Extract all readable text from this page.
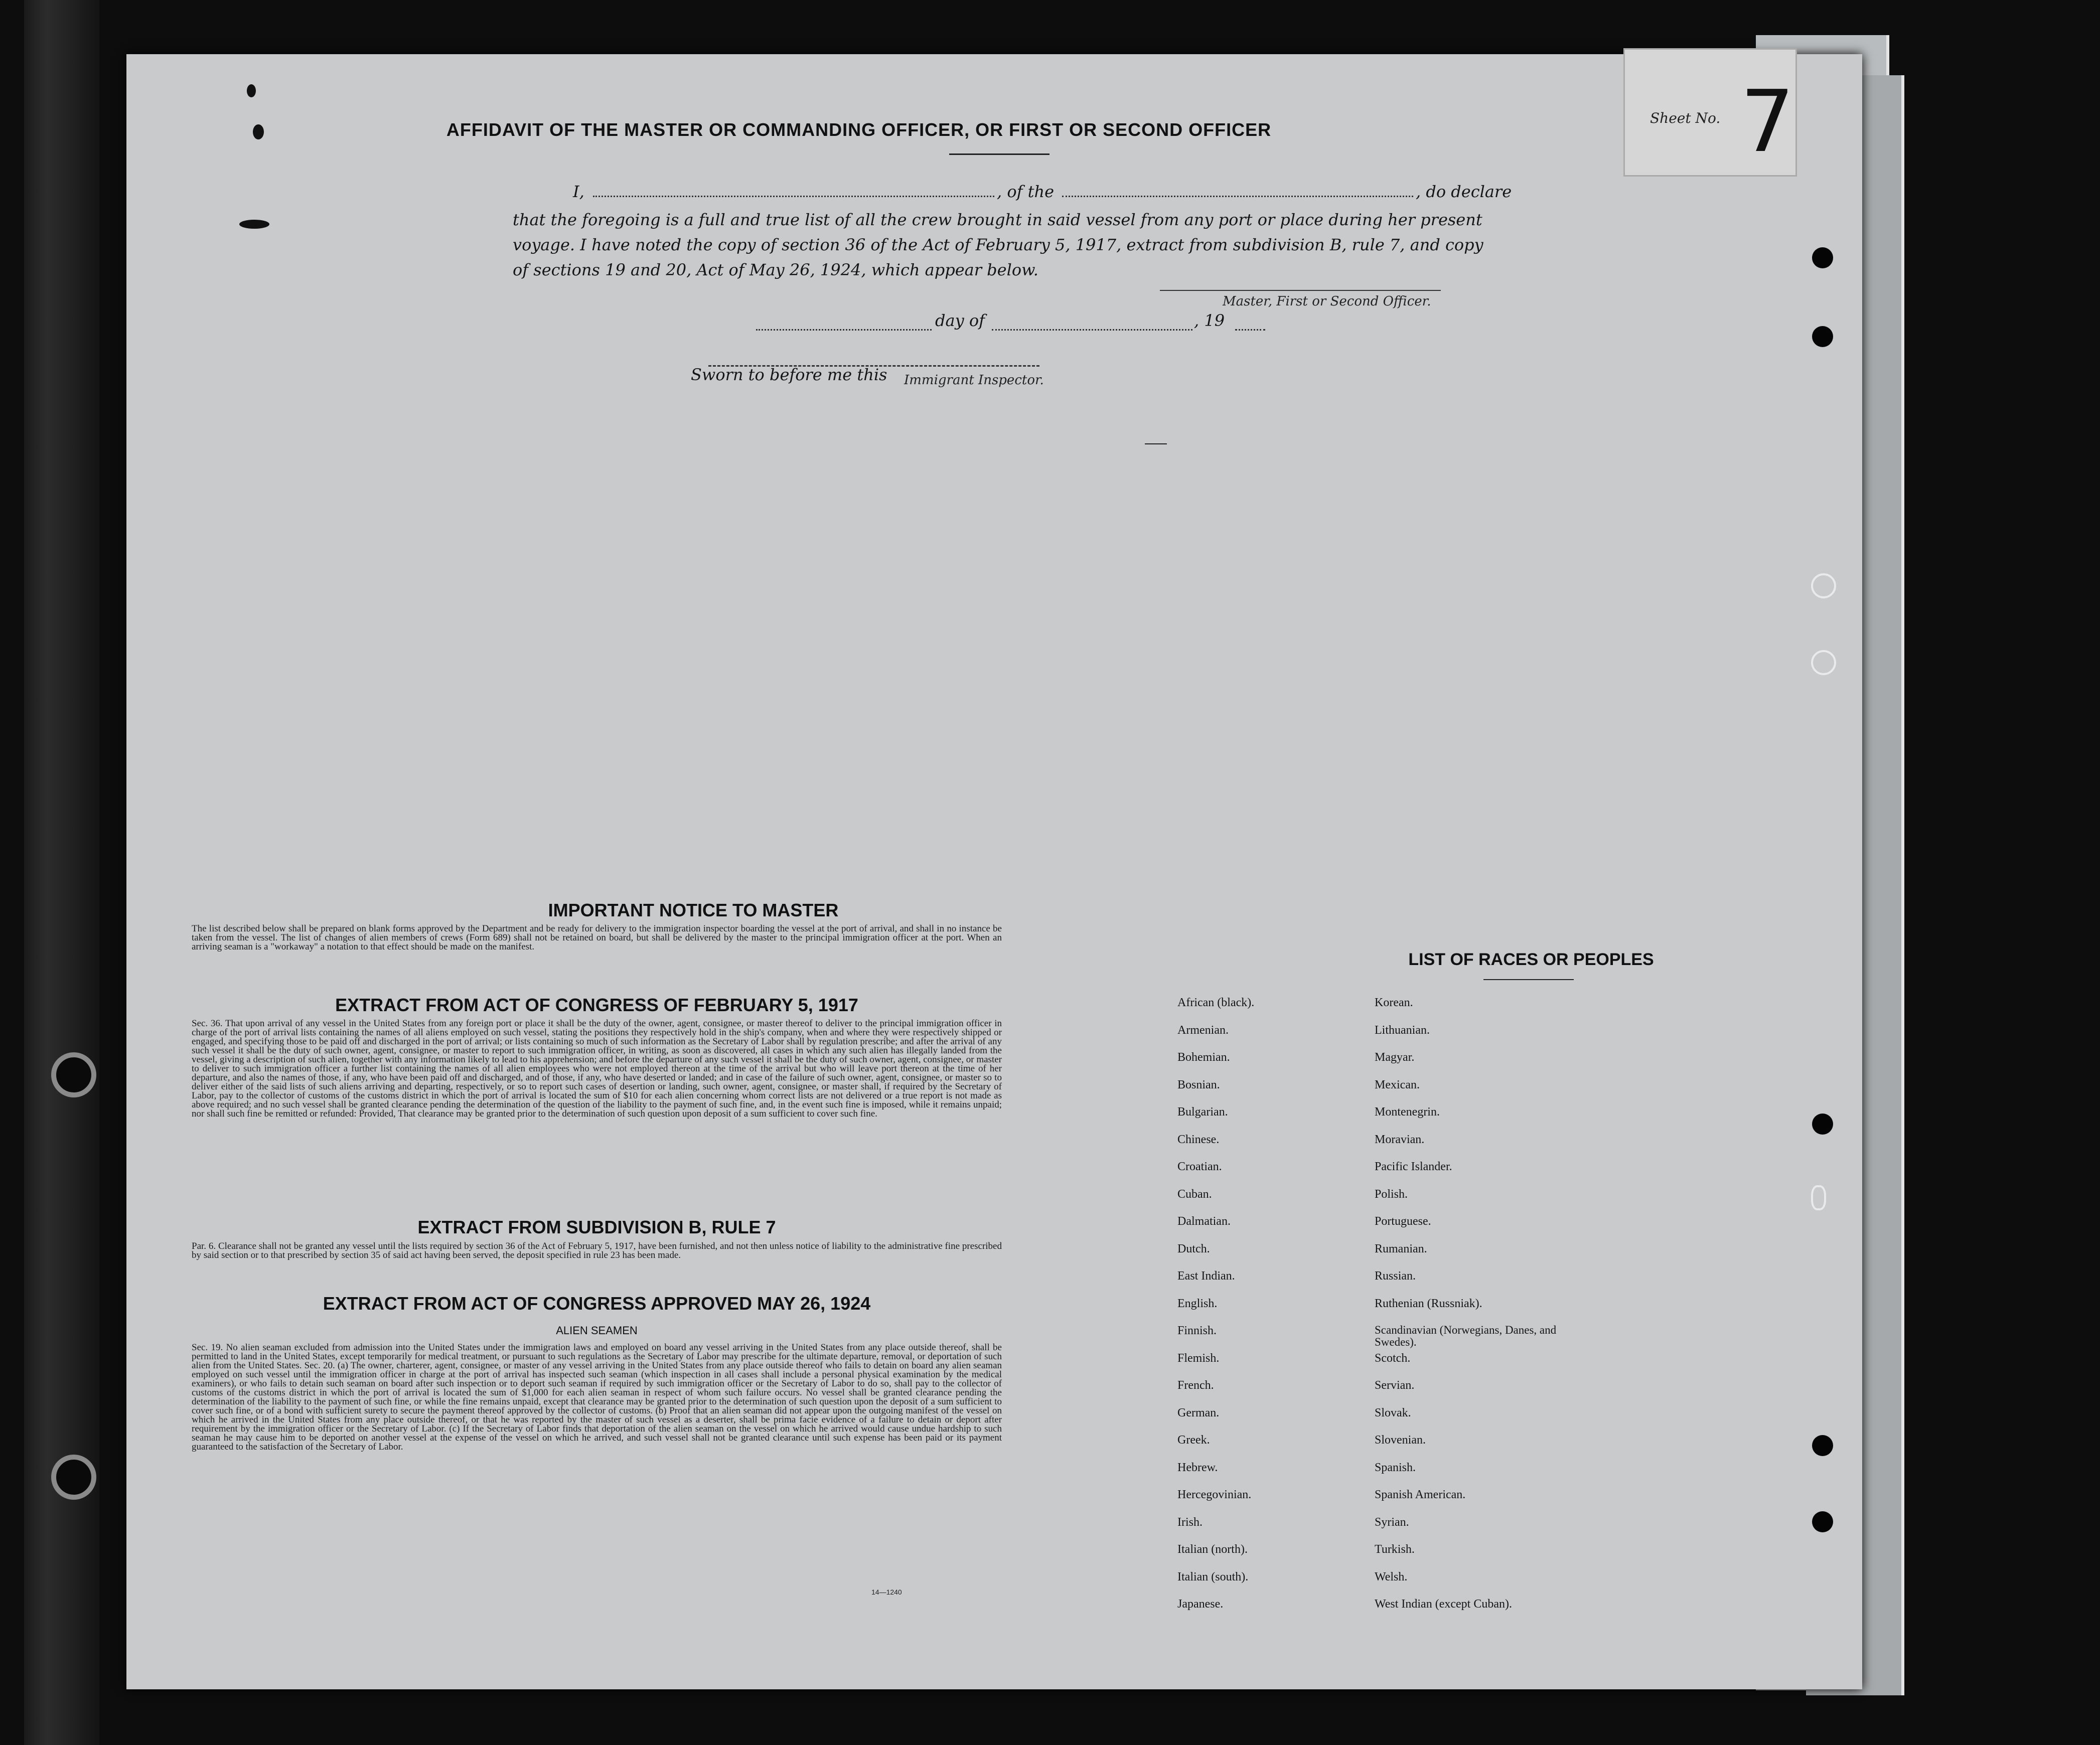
Sheet No. 7
AFFIDAVIT OF THE MASTER OR COMMANDING OFFICER, OR FIRST OR SECOND OFFICER
I,	, of the	, do declare
that the foregoing is a full and true list of all the crew brought in said vessel from any port or place during her present
voyage. I have noted the copy of section 36 of the Act of February 5, 1917, extract from subdivision B, rule 7, and copy
of sections 19 and 20, Act of May 26, 1924, which appear below.
Master, First or Second Officer.
Sworn to before me this
day of	, 19
Immigrant Inspector.
IMPORTANT NOTICE TO MASTER
The list described below shall be prepared on blank forms approved by the Department and be ready for delivery to the immigration inspector boarding the vessel at the port of arrival, and shall in no instance be taken from the vessel. The list of changes of alien members of crews (Form 689) shall not be retained on board, but shall be delivered by the master to the principal immigration officer at the port. When an arriving seaman is a "workaway" a notation to that effect should be made on the manifest.
EXTRACT FROM ACT OF CONGRESS OF FEBRUARY 5, 1917
Sec. 36. That upon arrival of any vessel in the United States from any foreign port or place it shall be the duty of the owner, agent, consignee, or master thereof to deliver to the principal immigration officer in charge of the port of arrival lists containing the names of all aliens employed on such vessel, stating the positions they respectively hold in the ship's company, when and where they were respectively shipped or engaged, and specifying those to be paid off and discharged in the port of arrival; or lists containing so much of such information as the Secretary of Labor shall by regulation prescribe; and after the arrival of any such vessel it shall be the duty of such owner, agent, consignee, or master to report to such immigration officer, in writing, as soon as discovered, all cases in which any such alien has illegally landed from the vessel, giving a description of such alien, together with any information likely to lead to his apprehension; and before the departure of any such vessel it shall be the duty of such owner, agent, consignee, or master to deliver to such immigration officer a further list containing the names of all alien employees who were not employed thereon at the time of the arrival but who will leave port thereon at the time of her departure, and also the names of those, if any, who have been paid off and discharged, and of those, if any, who have deserted or landed; and in case of the failure of such owner, agent, consignee, or master so to deliver either of the said lists of such aliens arriving and departing, respectively, or so to report such cases of desertion or landing, such owner, agent, consignee, or master shall, if required by the Secretary of Labor, pay to the collector of customs of the customs district in which the port of arrival is located the sum of $10 for each alien concerning whom correct lists are not delivered or a true report is not made as above required; and no such vessel shall be granted clearance pending the determination of the question of the liability to the payment of such fine, and, in the event such fine is imposed, while it remains unpaid; nor shall such fine be remitted or refunded: Provided, That clearance may be granted prior to the determination of such question upon deposit of a sum sufficient to cover such fine.
EXTRACT FROM SUBDIVISION B, RULE 7
Par. 6. Clearance shall not be granted any vessel until the lists required by section 36 of the Act of February 5, 1917, have been furnished, and not then unless notice of liability to the administrative fine prescribed by said section or to that prescribed by section 35 of said act having been served, the deposit specified in rule 23 has been made.
EXTRACT FROM ACT OF CONGRESS APPROVED MAY 26, 1924
ALIEN SEAMEN
Sec. 19. No alien seaman excluded from admission into the United States under the immigration laws and employed on board any vessel arriving in the United States from any place outside thereof, shall be permitted to land in the United States, except temporarily for medical treatment, or pursuant to such regulations as the Secretary of Labor may prescribe for the ultimate departure, removal, or deportation of such alien from the United States. Sec. 20. (a) The owner, charterer, agent, consignee, or master of any vessel arriving in the United States from any place outside thereof who fails to detain on board any alien seaman employed on such vessel until the immigration officer in charge at the port of arrival has inspected such seaman (which inspection in all cases shall include a personal physical examination by the medical examiners), or who fails to detain such seaman on board after such inspection or to deport such seaman if required by such immigration officer or the Secretary of Labor to do so, shall pay to the collector of customs of the customs district in which the port of arrival is located the sum of $1,000 for each alien seaman in respect of whom such failure occurs. No vessel shall be granted clearance pending the determination of the liability to the payment of such fine, or while the fine remains unpaid, except that clearance may be granted prior to the determination of such question upon the deposit of a sum sufficient to cover such fine, or of a bond with sufficient surety to secure the payment thereof approved by the collector of customs. (b) Proof that an alien seaman did not appear upon the outgoing manifest of the vessel on which he arrived in the United States from any place outside thereof, or that he was reported by the master of such vessel as a deserter, shall be prima facie evidence of a failure to detain or deport after requirement by the immigration officer or the Secretary of Labor. (c) If the Secretary of Labor finds that deportation of the alien seaman on the vessel on which he arrived would cause undue hardship to such seaman he may cause him to be deported on another vessel at the expense of the vessel on which he arrived, and such vessel shall not be granted clearance until such expense has been paid or its payment guaranteed to the satisfaction of the Secretary of Labor.
14—1240
LIST OF RACES OR PEOPLES
African (black).
Armenian.
Bohemian.
Bosnian.
Bulgarian.
Chinese.
Croatian.
Cuban.
Dalmatian.
Dutch.
East Indian.
English.
Finnish.
Flemish.
French.
German.
Greek.
Hebrew.
Hercegovinian.
Irish.
Italian (north).
Italian (south).
Japanese.
Korean.
Lithuanian.
Magyar.
Mexican.
Montenegrin.
Moravian.
Pacific Islander.
Polish.
Portuguese.
Rumanian.
Russian.
Ruthenian (Russniak).
Scandinavian (Norwegians, Danes, and Swedes).
Scotch.
Servian.
Slovak.
Slovenian.
Spanish.
Spanish American.
Syrian.
Turkish.
Welsh.
West Indian (except Cuban).
